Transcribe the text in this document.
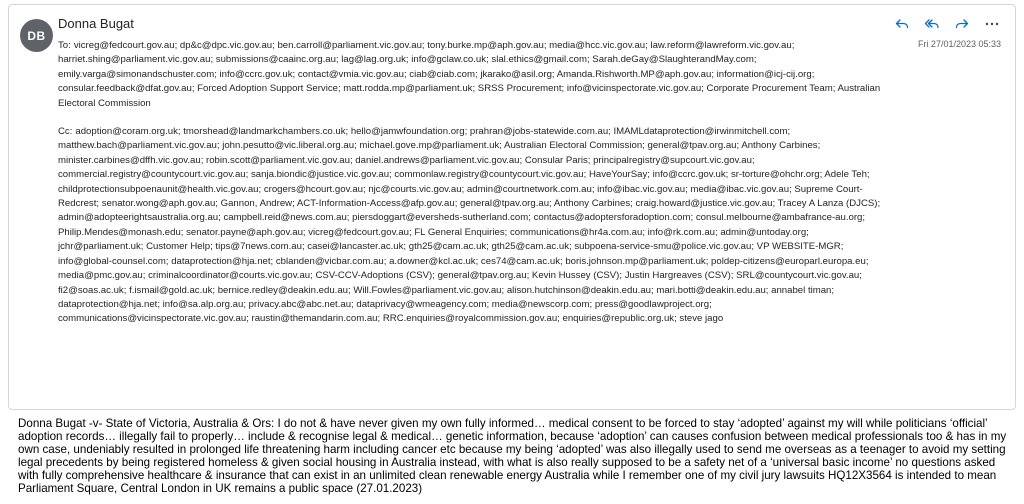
DB
Donna Bugat
Fri 27/01/2023 05:33

To: vicreg@fedcourt.gov.au; dp&c@dpc.vic.gov.au; ben.carroll@parliament.vic.gov.au; tony.burke.mp@aph.gov.au; media@hcc.vic.gov.au; law.reform@lawreform.vic.gov.au; harriet.shing@parliament.vic.gov.au; submissions@caainc.org.au; lag@lag.org.uk; info@gclaw.co.uk; slal.ethics@gmail.com; Sarah.deGay@SlaughterandMay.com; emily.varga@simonandschuster.com; info@ccrc.gov.uk; contact@vmia.vic.gov.au; ciab@ciab.com; jkarako@asil.org; Amanda.Rishworth.MP@aph.gov.au; information@icj-cij.org; consular.feedback@dfat.gov.au; Forced Adoption Support Service; matt.rodda.mp@parliament.uk; SRSS Procurement; info@vicinspectorate.vic.gov.au; Corporate Procurement Team; Australian Electoral Commission

Cc: adoption@coram.org.uk; tmorshead@landmarkchambers.co.uk; hello@jamwfoundation.org; prahran@jobs-statewide.com.au; IMAMLdataprotection@irwinmitchell.com; matthew.bach@parliament.vic.gov.au; john.pesutto@vic.liberal.org.au; michael.gove.mp@parliament.uk; Australian Electoral Commission; general@tpav.org.au; Anthony Carbines; minister.carbines@dffh.vic.gov.au; robin.scott@parliament.vic.gov.au; daniel.andrews@parliament.vic.gov.au; Consular Paris; principalregistry@supcourt.vic.gov.au; commercial.registry@countycourt.vic.gov.au; sanja.biondic@justice.vic.gov.au; commonlaw.registry@countycourt.vic.gov.au; HaveYourSay; info@ccrc.gov.uk; sr-torture@ohchr.org; Adele Teh; childprotectionsubpoenaunit@health.vic.gov.au; crogers@hcourt.gov.au; njc@courts.vic.gov.au; admin@courtnetwork.com.au; info@ibac.vic.gov.au; media@ibac.vic.gov.au; Supreme Court-Redcrest; senator.wong@aph.gov.au; Gannon, Andrew; ACT-Information-Access@afp.gov.au; general@tpav.org.au; Anthony Carbines; craig.howard@justice.vic.gov.au; Tracey A Lanza (DJCS); admin@adopteerightsaustralia.org.au; campbell.reid@news.com.au; piersdoggart@eversheds-sutherland.com; contactus@adoptersforadoption.com; consul.melbourne@ambafrance-au.org; Philip.Mendes@monash.edu; senator.payne@aph.gov.au; vicreg@fedcourt.gov.au; FL General Enquiries; communications@hr4a.com.au; info@rk.com.au; admin@untoday.org; jchr@parliament.uk; Customer Help; tips@7news.com.au; casei@lancaster.ac.uk; gth25@cam.ac.uk; gth25@cam.ac.uk; subpoena-service-smu@police.vic.gov.au; VP WEBSITE-MGR; info@global-counsel.com; dataprotection@hja.net; cblanden@vicbar.com.au; a.downer@kcl.ac.uk; ces74@cam.ac.uk; boris.johnson.mp@parliament.uk; poldep-citizens@europarl.europa.eu; media@pmc.gov.au; criminalcoordinator@courts.vic.gov.au; CSV-CCV-Adoptions (CSV); general@tpav.org.au; Kevin Hussey (CSV); Justin Hargreaves (CSV); SRL@countycourt.vic.gov.au; fi2@soas.ac.uk; f.ismail@gold.ac.uk; bernice.redley@deakin.edu.au; Will.Fowles@parliament.vic.gov.au; alison.hutchinson@deakin.edu.au; mari.botti@deakin.edu.au; annabel timan; dataprotection@hja.net; info@sa.alp.org.au; privacy.abc@abc.net.au; dataprivacy@wmeagency.com; media@newscorp.com; press@goodlawproject.org; communications@vicinspectorate.vic.gov.au; raustin@themandarin.com.au; RRC.enquiries@royalcommission.gov.au; enquiries@republic.org.uk; steve jago

Donna Bugat -v- State of Victoria, Australia & Ors: I do not & have never given my own fully informed… medical consent to be forced to stay ‘adopted’ against my will while politicians ‘official’ adoption records… illegally fail to properly… include & recognise legal & medical… genetic information, because ‘adoption’ can causes confusion between medical professionals too & has in my own case, undeniably resulted in prolonged life threatening harm including cancer etc because my being ‘adopted’ was also illegally used to send me overseas as a teenager to avoid my setting legal precedents by being registered homeless & given social housing in Australia instead, with what is also really supposed to be a safety net of a ‘universal basic income’ no questions asked with fully comprehensive healthcare & insurance that can exist in an unlimited clean renewable energy Australia while I remember one of my civil jury lawsuits HQ12X3564 is intended to mean Parliament Square, Central London in UK remains a public space (27.01.2023)
